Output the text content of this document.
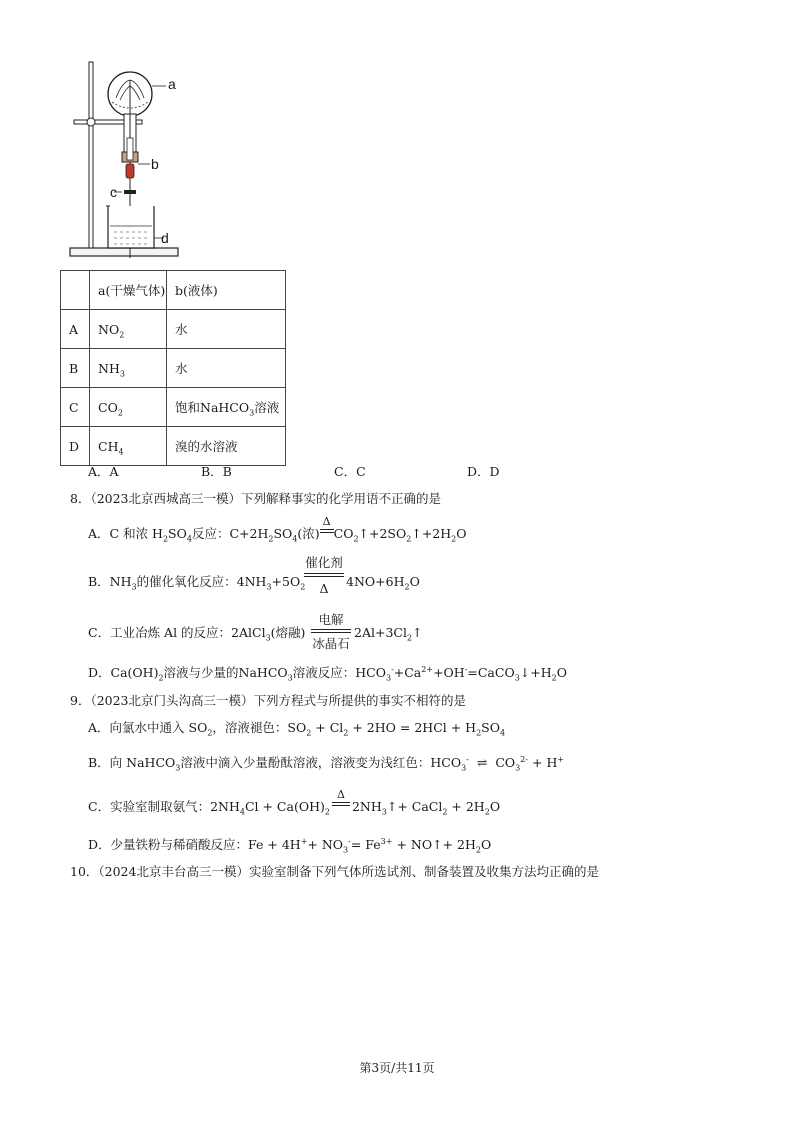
a
b
c
d
	a(干燥气体)	b(液体)
A	$NO_2$	水
B	$NH_3$	水
C	$CO_2$	饱和NaHCO$_3$溶液
D	$CH_4$	溴的水溶液
A．A	B．B	C．C	D．D
8．（2023北京西城高三一模）下列解释事实的化学用语不正确的是
A．C 和浓 $H_2SO_4$反应：$C+2H_2SO_4$(浓)
Δ
$CO_2↑+2SO_2↑+2H_2O$
B．$NH_3$的催化氧化反应：$4NH_3+5O_2$
催化剂
Δ	$4NO+6H_2O$
C．工业冶炼 Al 的反应：2AlCl$_3$(熔融)
电解
冰晶石
$2Al+3Cl_2↑$
D．$Ca(OH)_2$溶液与少量的NaHCO$_3$溶液反应：$HCO_3^-+Ca^{2+}+OH^-=CaCO_3↓+H_2O$
9．（2023北京门头沟高三一模）下列方程式与所提供的事实不相符的是
A．向氯水中通入 $SO_2$，溶液褪色：$SO_2 + Cl_2 + 2HO = 2HCl + H_2SO_4$
B．向 NaHCO$_3$溶液中滴入少量酚酞溶液，溶液变为浅红色：$HCO_3^-$ ⇌ $CO_3^{2-} + H^+$
C．实验室制取氨气：$2NH_4Cl + Ca(OH)_2$
Δ
$2NH_3↑+$ CaCl$_2$ + $2H_2O$
D．少量铁粉与稀硝酸反应：$Fe + 4H^++ NO_3^-= Fe^{3+}$ + NO↑+ $2H_2O$
10．（2024北京丰台高三一模）实验室制备下列气体所选试剂、制备装置及收集方法均正确的是
第3页/共11页
